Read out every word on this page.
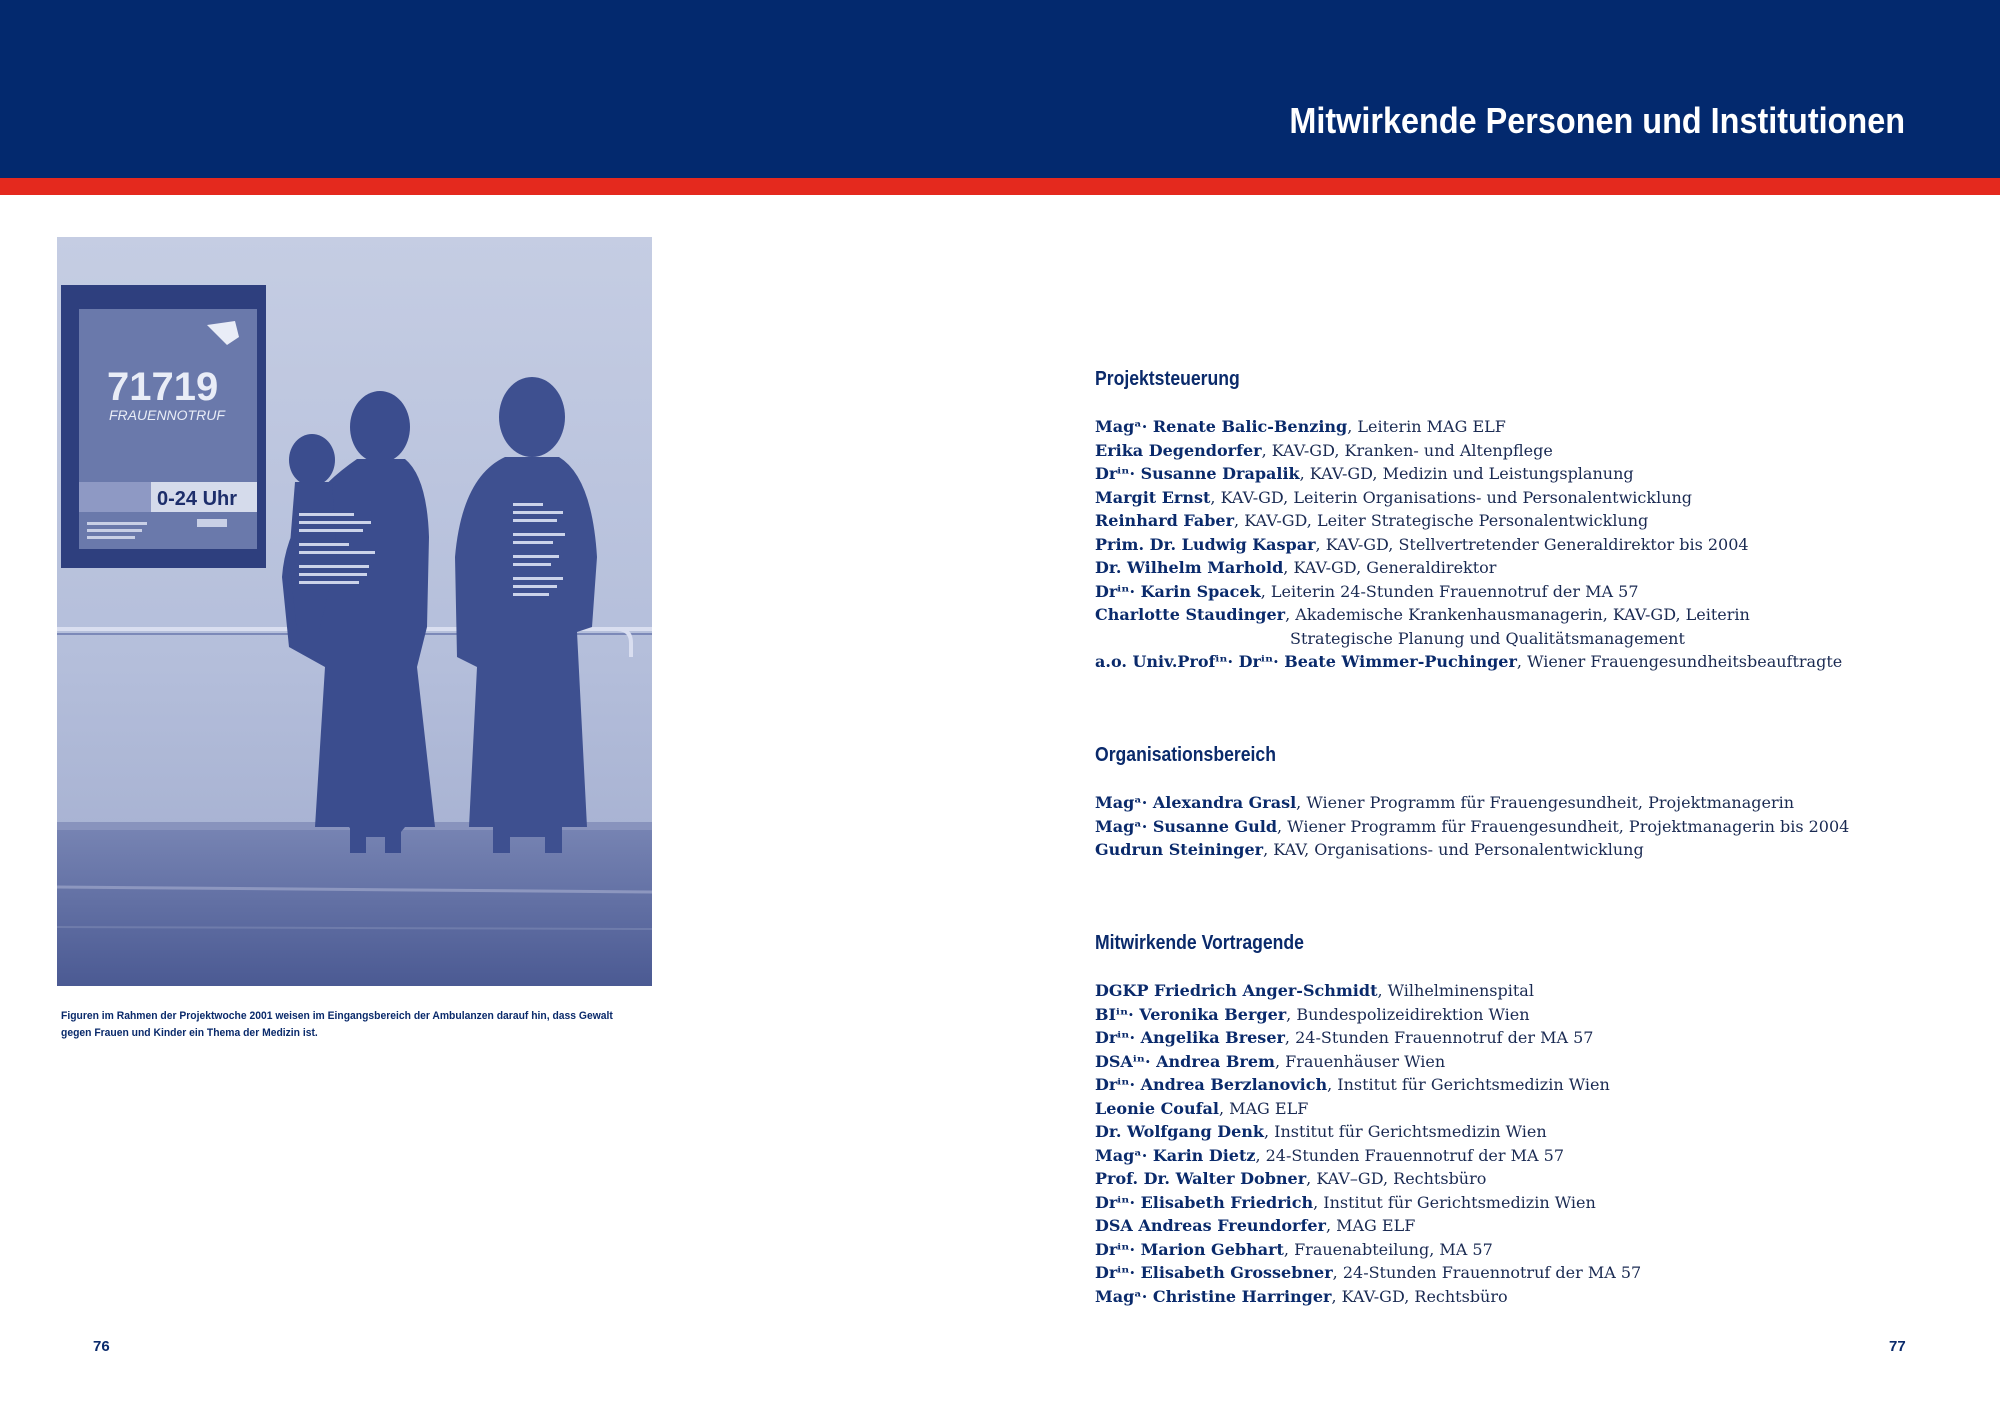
Mitwirkende Personen und Institutionen
71719
FRAUENNOTRUF
0-24 Uhr

Figuren im Rahmen der Projektwoche 2001 weisen im Eingangsbereich der Ambulanzen darauf hin, dass Gewalt gegen Frauen und Kinder ein Thema der Medizin ist.

76	77

Projektsteuerung
Magᵃ· Renate Balic-Benzing, Leiterin MAG ELF
Erika Degendorfer, KAV-GD, Kranken- und Altenpflege
Drⁱⁿ· Susanne Drapalik, KAV-GD, Medizin und Leistungsplanung
Margit Ernst, KAV-GD, Leiterin Organisations- und Personalentwicklung
Reinhard Faber, KAV-GD, Leiter Strategische Personalentwicklung
Prim. Dr. Ludwig Kaspar, KAV-GD, Stellvertretender Generaldirektor bis 2004
Dr. Wilhelm Marhold, KAV-GD, Generaldirektor
Drⁱⁿ· Karin Spacek, Leiterin 24-Stunden Frauennotruf der MA 57
Charlotte Staudinger, Akademische Krankenhausmanagerin, KAV-GD, Leiterin
Strategische Planung und Qualitätsmanagement
a.o. Univ.Profⁱⁿ· Drⁱⁿ· Beate Wimmer-Puchinger, Wiener Frauengesundheitsbeauftragte
Organisationsbereich
Magᵃ· Alexandra Grasl, Wiener Programm für Frauengesundheit, Projektmanagerin
Magᵃ· Susanne Guld, Wiener Programm für Frauengesundheit, Projektmanagerin bis 2004
Gudrun Steininger, KAV, Organisations- und Personalentwicklung
Mitwirkende Vortragende
DGKP Friedrich Anger-Schmidt, Wilhelminenspital
BIⁱⁿ· Veronika Berger, Bundespolizeidirektion Wien
Drⁱⁿ· Angelika Breser, 24-Stunden Frauennotruf der MA 57
DSAⁱⁿ· Andrea Brem, Frauenhäuser Wien
Drⁱⁿ· Andrea Berzlanovich, Institut für Gerichtsmedizin Wien
Leonie Coufal, MAG ELF
Dr. Wolfgang Denk, Institut für Gerichtsmedizin Wien
Magᵃ· Karin Dietz, 24-Stunden Frauennotruf der MA 57
Prof. Dr. Walter Dobner, KAV–GD, Rechtsbüro
Drⁱⁿ· Elisabeth Friedrich, Institut für Gerichtsmedizin Wien
DSA Andreas Freundorfer, MAG ELF
Drⁱⁿ· Marion Gebhart, Frauenabteilung, MA 57
Drⁱⁿ· Elisabeth Grossebner, 24-Stunden Frauennotruf der MA 57
Magᵃ· Christine Harringer, KAV-GD, Rechtsbüro
